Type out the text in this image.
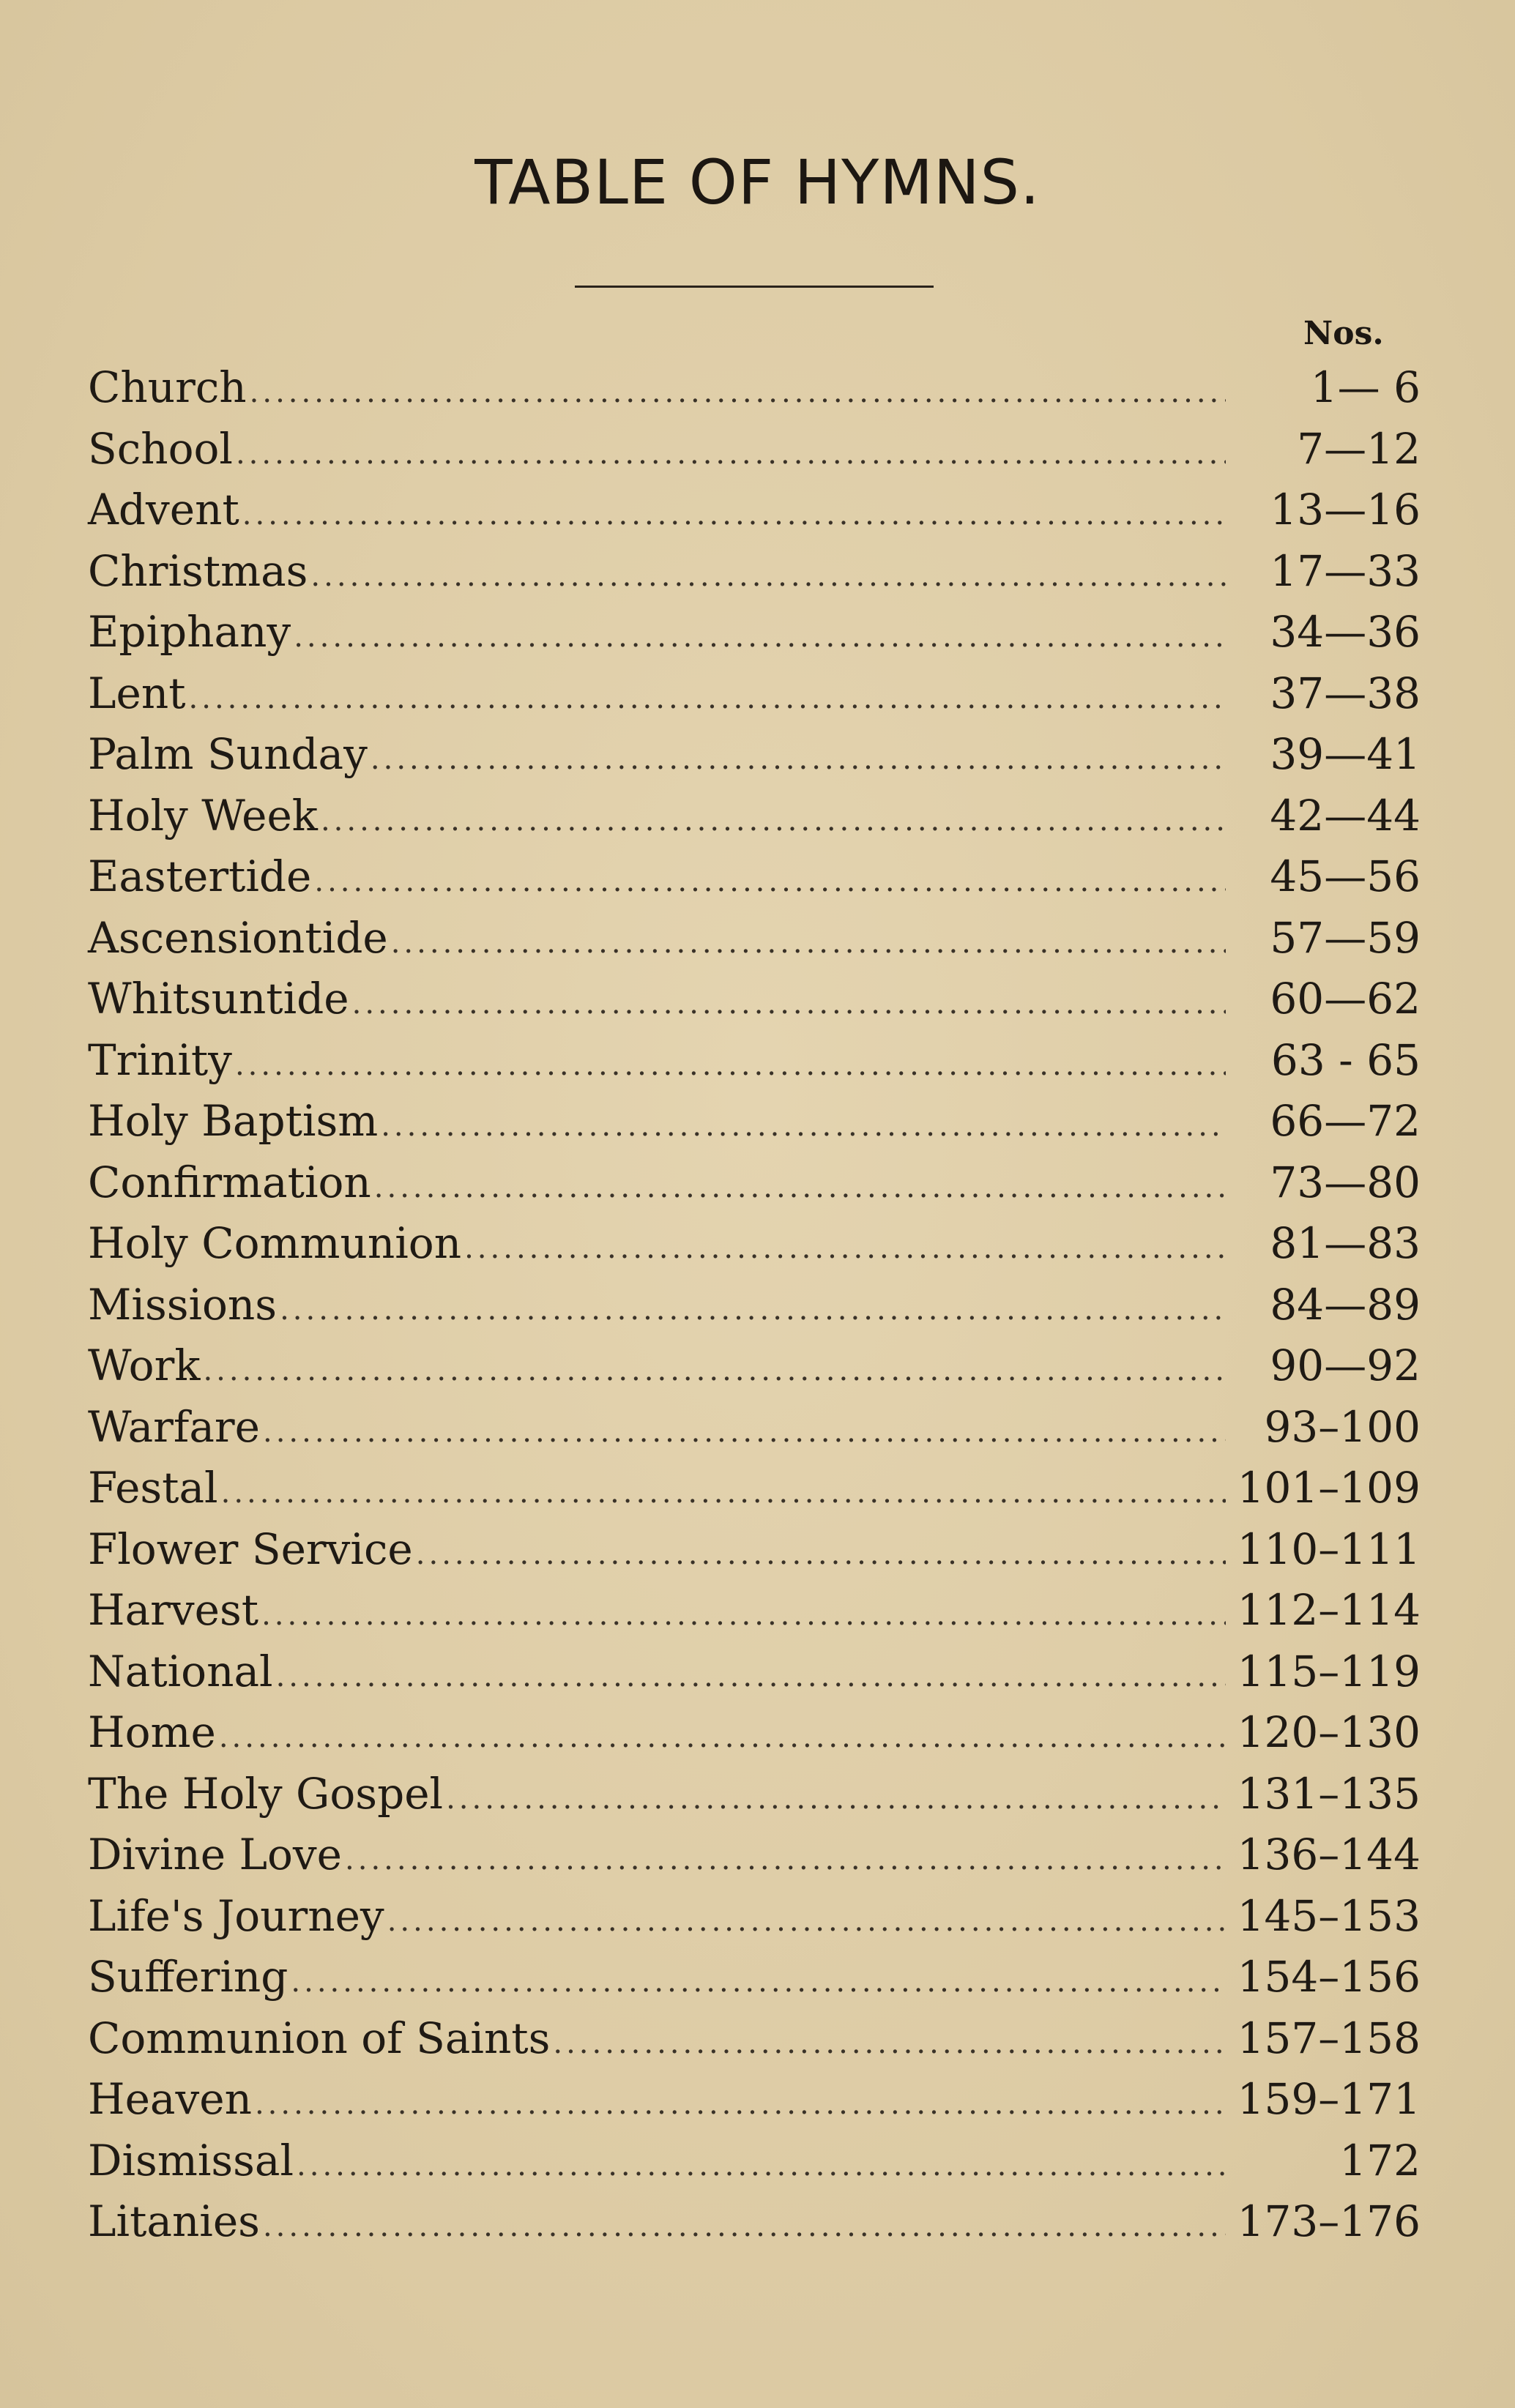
TABLE OF HYMNS.
Nos.
Church .....	1— 6
School .....	7—12
Advent .....	13—16
Christmas .....	17—33
Epiphany .....	34—36
Lent .....	37—38
Palm Sunday .....	39—41
Holy Week .....	42—44
Eastertide .....	45—56
Ascensiontide .....	57—59
Whitsuntide .....	60—62
Trinity .....	63 - 65
Holy Baptism .....	66—72
Confirmation .....	73—80
Holy Communion .....	81—83
Missions .....	84—89
Work .....	90—92
Warfare .....	93–100
Festal .....	101–109
Flower Service .....	110–111
Harvest .....	112–114
National .....	115–119
Home .....	120–130
The Holy Gospel .....	131–135
Divine Love .....	136–144
Life's Journey .....	145–153
Suffering .....	154–156
Communion of Saints .....	157–158
Heaven .....	159–171
Dismissal .....	172
Litanies .....	173–176
